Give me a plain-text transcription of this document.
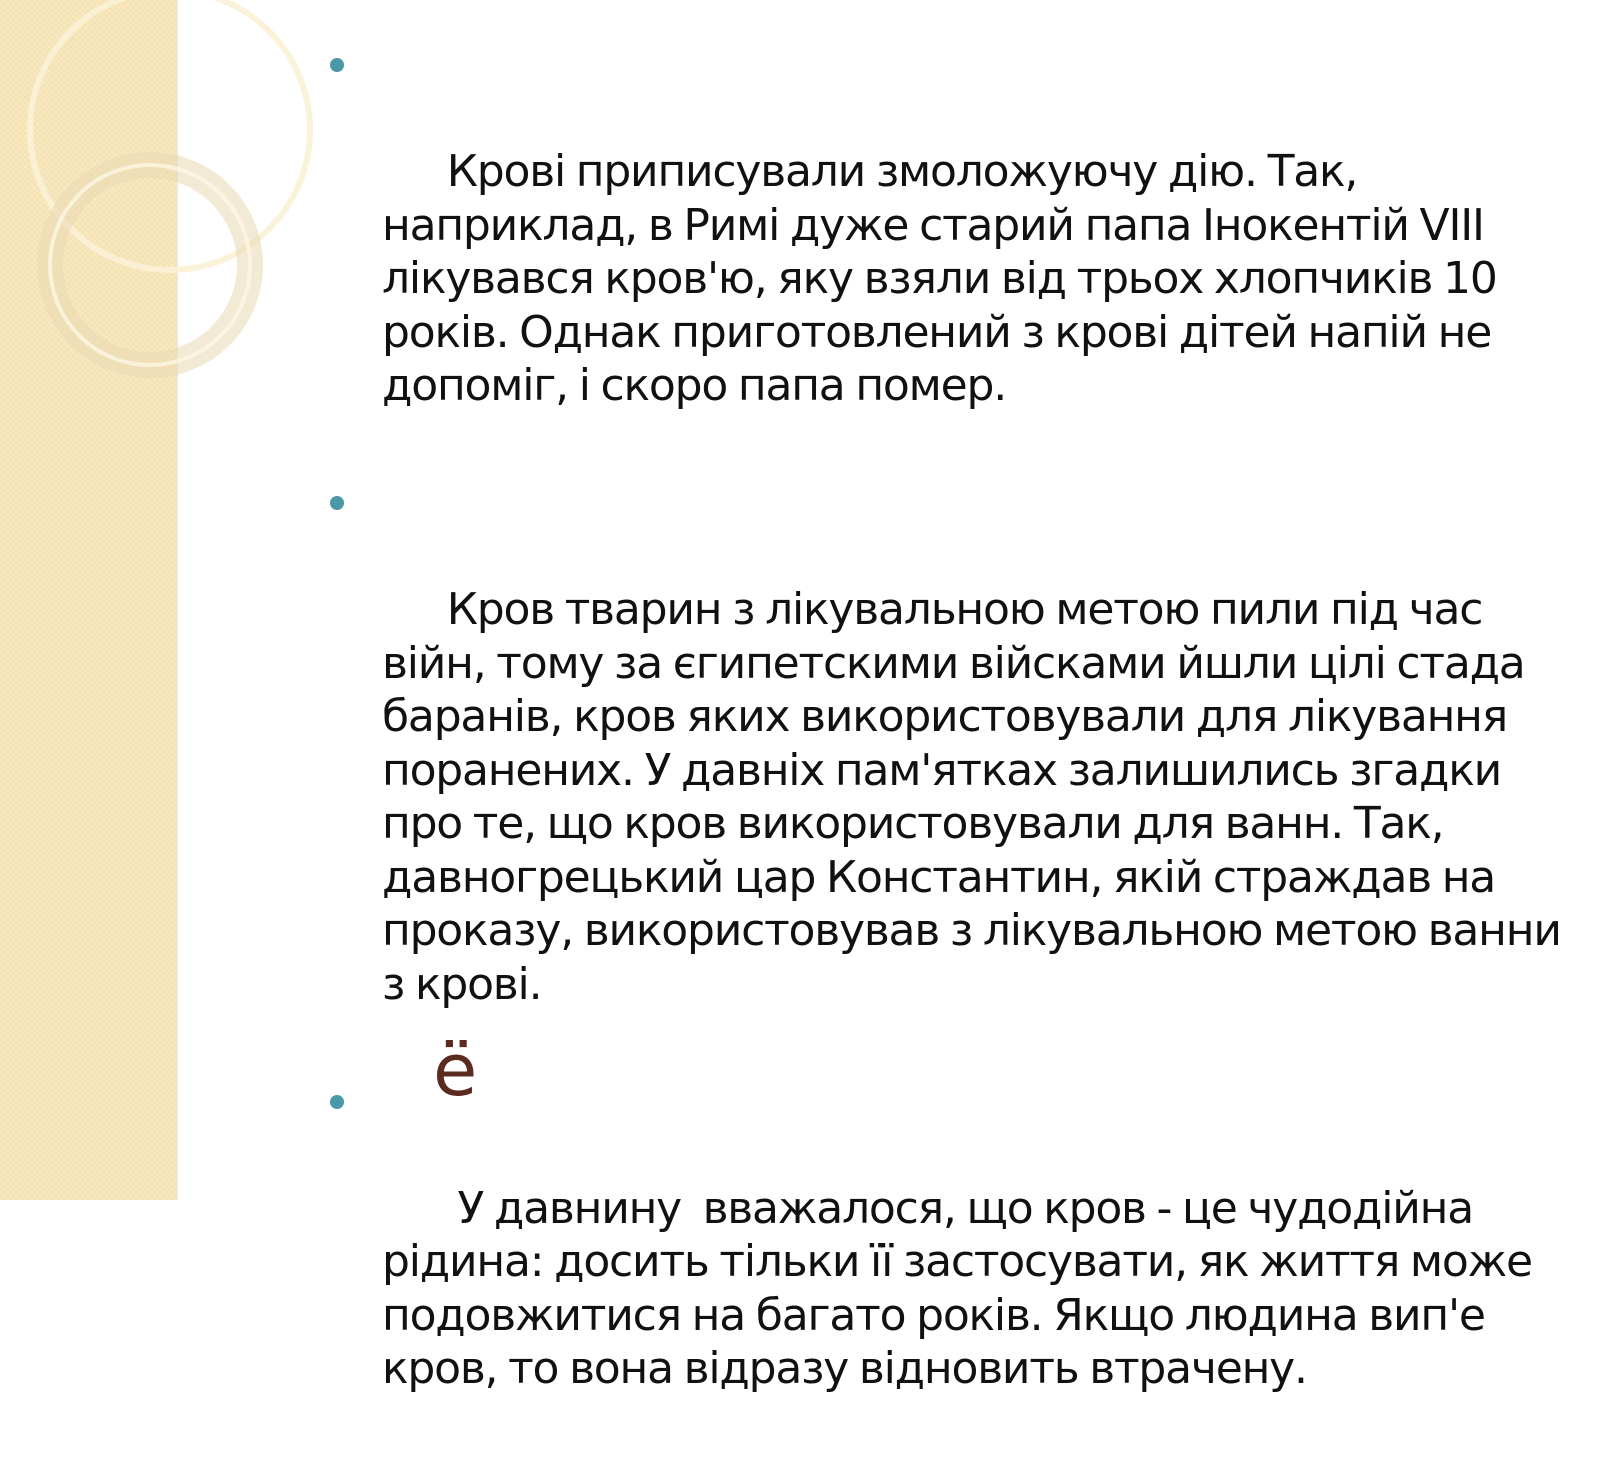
Крові приписували змоложуючу дію. Так, наприклад, в Римі дуже старий папа Інокентій VIII лікувався кров'ю, яку взяли від трьох хлопчиків 10 років. Однак приготовлений з крові дітей напій не допоміг, і скоро папа помер.

Кров тварин з лікувальною метою пили під час війн, тому за єгипетскими війсками йшли цілі стада баранів, кров яких використовували для лікування поранених. У давніх пам'ятках залишились згадки про те, що кров використовували для ванн. Так, давногрецький цар Константин, якій страждав на проказу, використовував з лікувальною метою ванни з крові.

У давнину  вважалося, що кров - це чудодійна рідина: досить тільки її застосувати, як життя може подовжитися на багато років. Якщо людина вип'е кров, то вона відразу відновить втрачену.

ё
